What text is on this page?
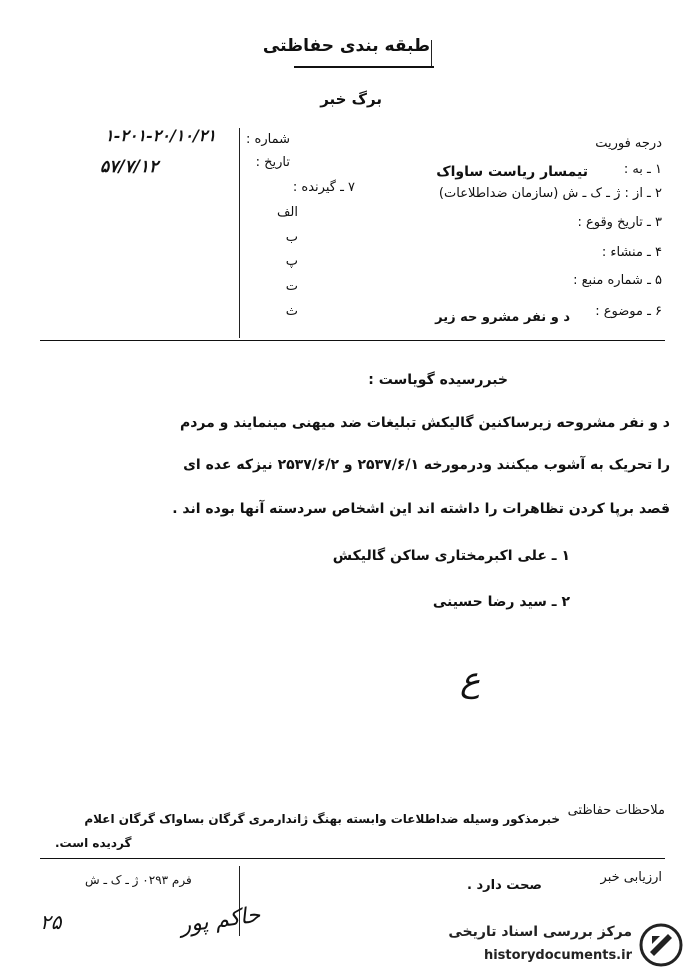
طبقه بندی حفاظتی
برگ خبر
شماره :
۱-۲۰۱-۲۰/۱۰/۲۱
تاریخ :
۵۷/۷/۱۲
۷ ـ گیرنده :
الف
ب
پ
ت
ث
درجه فوریت
۱ ـ به :
تیمسار ریاست ساواک
۲ ـ از : ژ ـ ک ـ ش (سازمان ضداطلاعات)
۳ ـ تاریخ وقوع :
۴ ـ منشاء :
۵ ـ شماره منبع :
۶ ـ موضوع :
د و نفر مشرو حه زیر
خبررسیده گویاست :
د و نفر مشروحه زیرساکنین گالیکش تبلیغات ضد میهنی مینمایند و مردم
را تحریک به آشوب میکنند ودرمورخه ۲۵۳۷/۶/۱ و ۲۵۳۷/۶/۲ نیزکه عده ای
قصد برپا کردن تظاهرات را داشته اند این اشخاص سردسته آنها بوده اند .
۱ ـ علی اکبرمختاری ساکن گالیکش
۲ ـ سید رضا حسینی
ع
ملاحظات حفاظتی
خبرمذکور وسیله ضداطلاعات وابسته بهنگ ژاندارمری گرگان بساواک گرگان اعلام
گردیده است.
ارزیابی خبر
صحت دارد .
فرم ۰۲۹۳ ژ ـ ک ـ ش
حاکم پور
۲۵	مرکز بررسی اسناد تاریخی
historydocuments.ir
